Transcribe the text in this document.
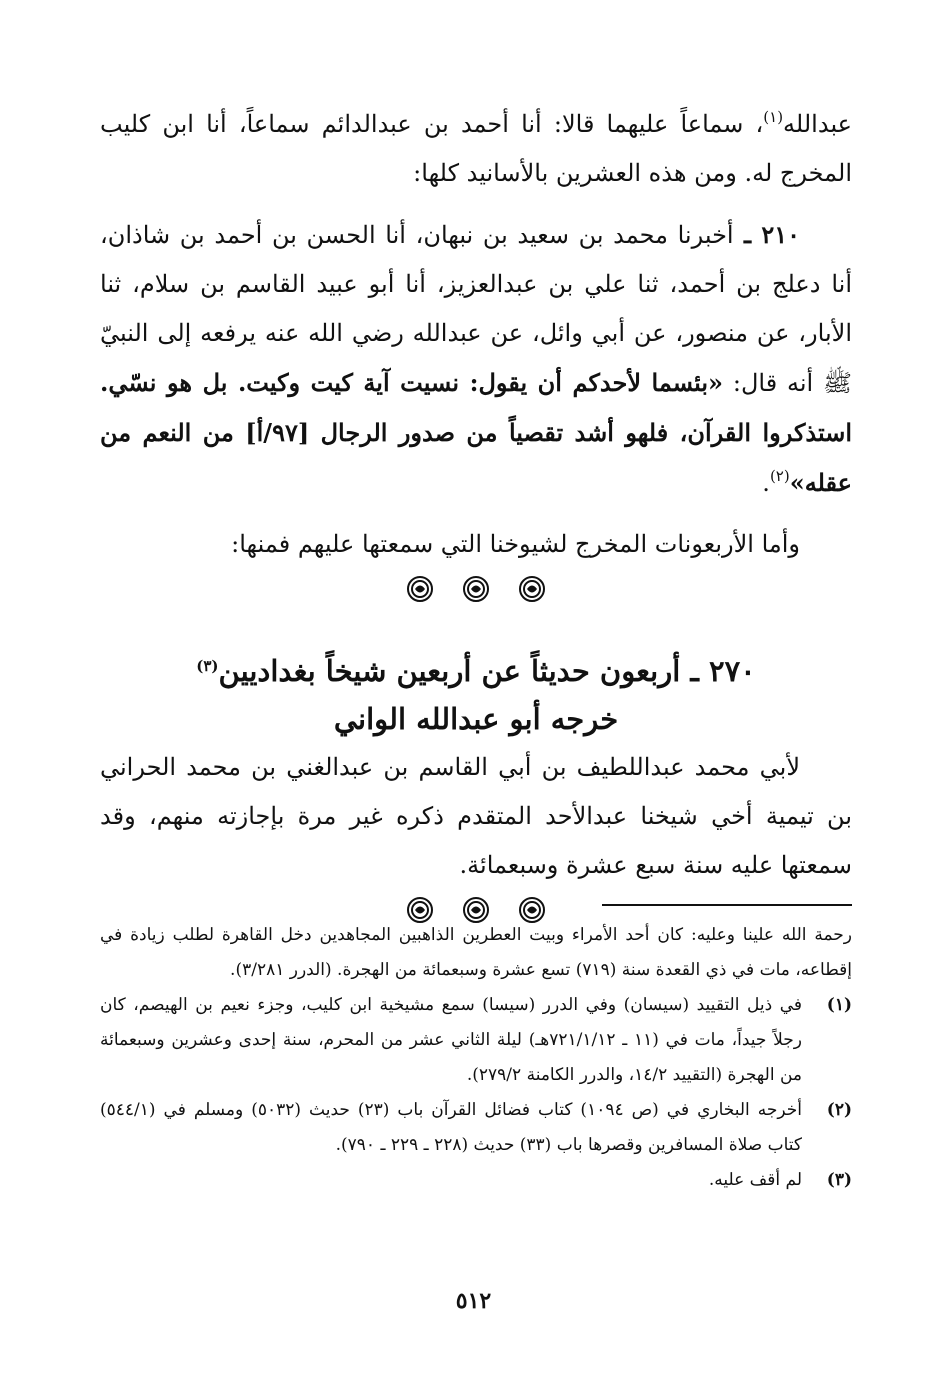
عبدالله$^{(١)}$، سماعاً عليهما قالا: أنا أحمد بن عبدالدائم سماعاً، أنا ابن كليب المخرج له. ومن هذه العشرين بالأسانيد كلها:

٢١٠ ـ أخبرنا محمد بن سعيد بن نبهان، أنا الحسن بن أحمد بن شاذان، أنا دعلج بن أحمد، ثنا علي بن عبدالعزيز، أنا أبو عبيد القاسم بن سلام، ثنا الأبار، عن منصور، عن أبي وائل، عن عبدالله رضي الله عنه يرفعه إلى النبيّ ﷺ أنه قال: «بئسما لأحدكم أن يقول: نسيت آية كيت وكيت. بل هو نسّي. استذكروا القرآن، فلهو أشد تقصياً من صدور الرجال [٩٧/أ] من النعم من عقله»$^{(٢)}$.

وأما الأربعونات المخرج لشيوخنا التي سمعتها عليهم فمنها:

٢٧٠ ـ أربعون حديثاً عن أربعين شيخاً بغداديين$^{(٣)}$
خرجه أبو عبدالله الواني

لأبي محمد عبداللطيف بن أبي القاسم بن عبدالغني بن محمد الحراني بن تيمية أخي شيخنا عبدالأحد المتقدم ذكره غير مرة بإجازته منهم، وقد سمعتها عليه سنة سبع عشرة وسبعمائة.

رحمة الله علينا وعليه: كان أحد الأمراء وبيت العطرين الذاهبين المجاهدين دخل القاهرة لطلب زيادة في إقطاعه، مات في ذي القعدة سنة (٧١٩) تسع عشرة وسبعمائة من الهجرة. (الدرر ٣/٢٨١).

(١)
في ذيل التقييد (سيسان) وفي الدرر (سيسا) سمع مشيخية ابن كليب، وجزء نعيم بن الهيصم، كان رجلاً جيداً، مات في (١١ ـ ٧٢١/١/١٢هـ) ليلة الثاني عشر من المحرم، سنة إحدى وعشرين وسبعمائة من الهجرة (التقييد ١٤/٢، والدرر الكامنة ٢٧٩/٢).

(٢)
أخرجه البخاري في (ص ١٠٩٤) كتاب فضائل القرآن باب (٢٣) حديث (٥٠٣٢) ومسلم في (٥٤٤/١) كتاب صلاة المسافرين وقصرها باب (٣٣) حديث (٢٢٨ ـ ٢٢٩ ـ ٧٩٠).

(٣)
لم أقف عليه.

٥١٢
